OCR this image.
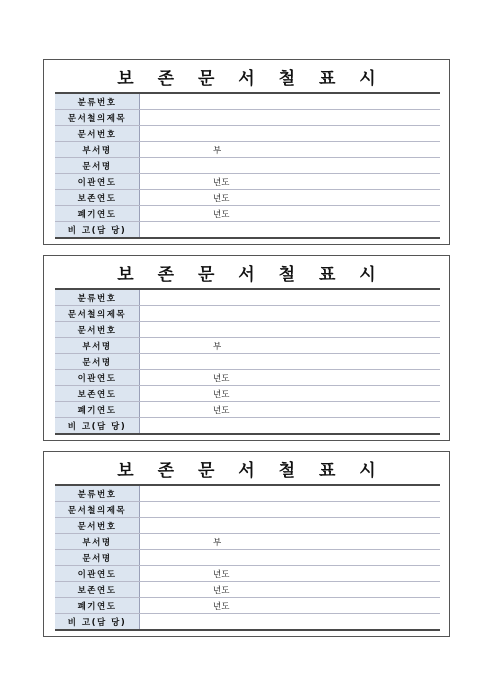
보 존 문 서 철 표 시
분류번호	
문서철의제목	
문서번호	
부서명	부
문서명	
이관연도	년도
보존연도	년도
폐기연도	년도
비 고(담 당)	
보 존 문 서 철 표 시
분류번호	
문서철의제목	
문서번호	
부서명	부
문서명	
이관연도	년도
보존연도	년도
폐기연도	년도
비 고(담 당)	
보 존 문 서 철 표 시
분류번호	
문서철의제목	
문서번호	
부서명	부
문서명	
이관연도	년도
보존연도	년도
폐기연도	년도
비 고(담 당)	
